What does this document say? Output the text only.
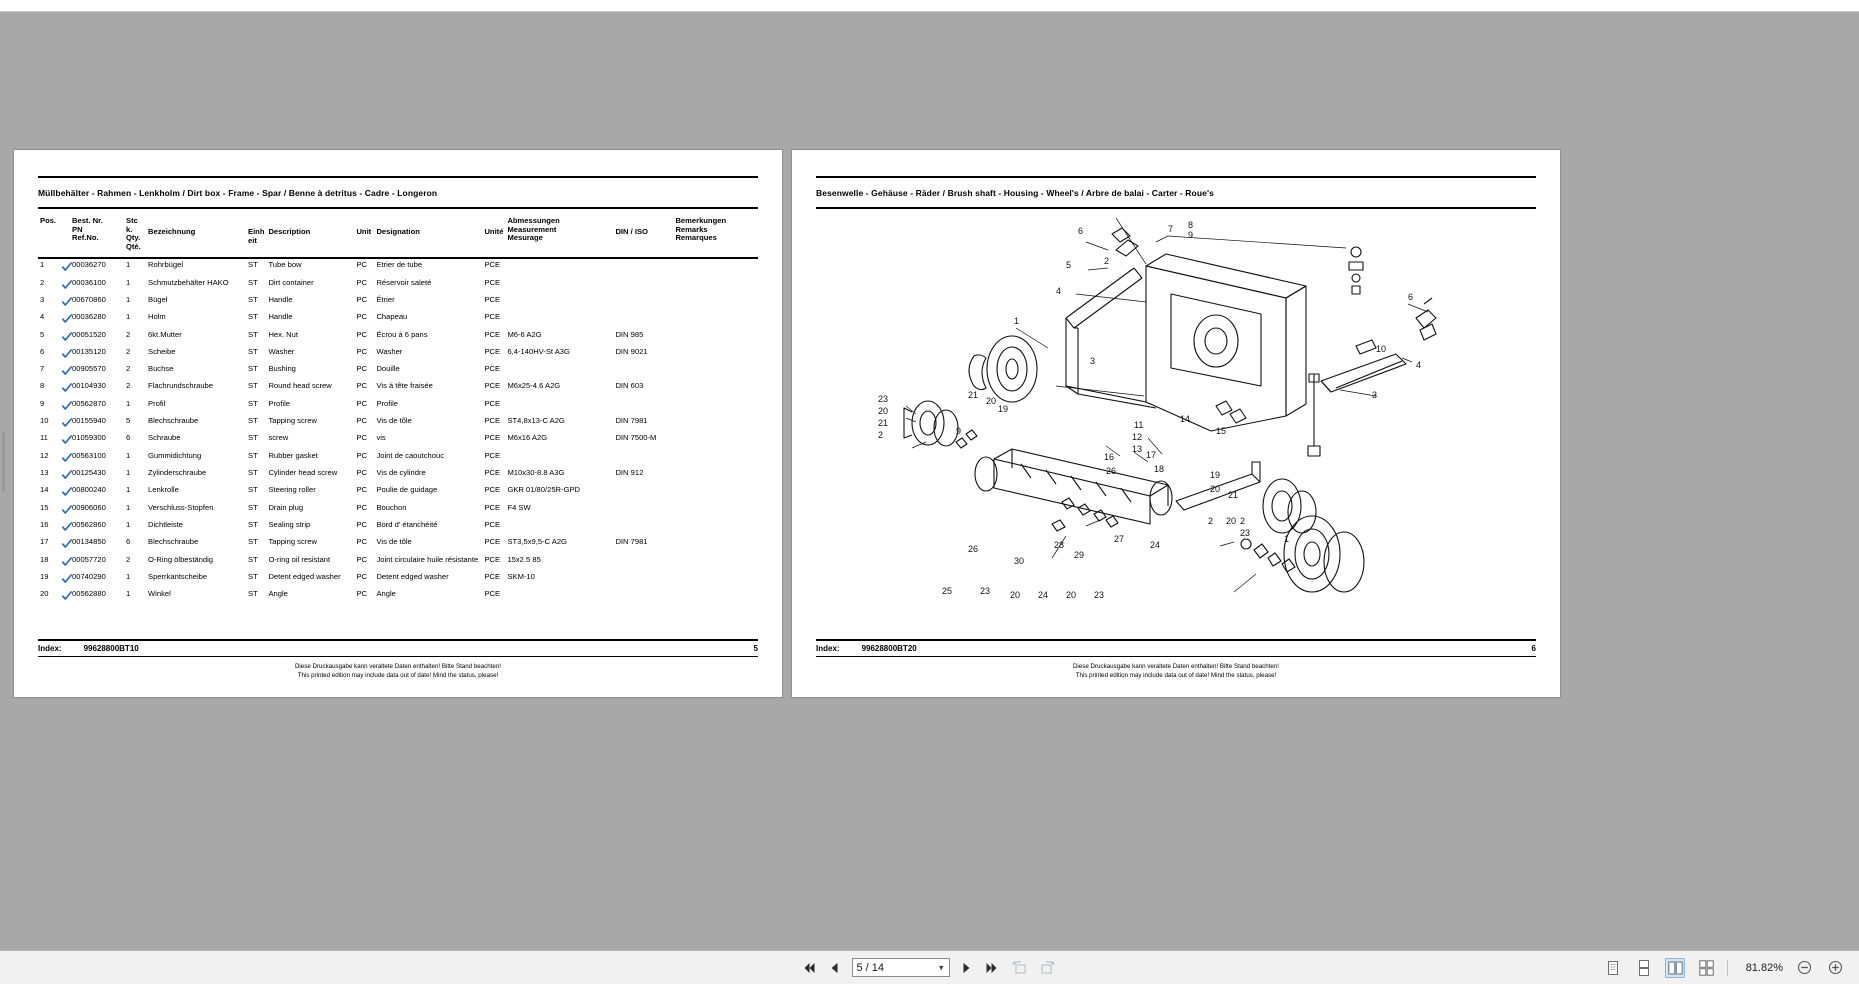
Müllbehälter - Rahmen - Lenkholm / Dirt box - Frame - Spar / Benne à detritus - Cadre - Longeron
Pos.		Best. Nr.
PN
Ref.No.	Stc
k.
Qty.
Qté.	Bezeichnung	Einh
eit	Description	Unit	Designation	Unité	Abmessungen
Measurement
Mesurage	DIN / ISO	Bemerkungen
Remarks
Remarques
1		00036270	1	Rohrbügel	ST	Tube bow	PC	Etrier de tube	PCE			
2		00036100	1	Schmutzbehälter HAKO	ST	Dirt container	PC	Réservoir saleté	PCE			
3		00670860	1	Bügel	ST	Handle	PC	Étrier	PCE			
4		00036280	1	Holm	ST	Handle	PC	Chapeau	PCE			
5		00051520	2	6kt.Mutter	ST	Hex. Nut	PC	Écrou à 6 pans	PCE	M6-6 A2G	DIN 985	
6		00135120	2	Scheibe	ST	Washer	PC	Washer	PCE	6,4-140HV-St A3G	DIN 9021	
7		00905570	2	Buchse	ST	Bushing	PC	Douille	PCE			
8		00104930	2	Flachrundschraube	ST	Round head screw	PC	Vis à tête fraisée	PCE	M6x25-4.6 A2G	DIN 603	
9		00562870	1	Profil	ST	Profile	PC	Profile	PCE			
10		00155940	5	Blechschraube	ST	Tapping screw	PC	Vis de tôle	PCE	ST4,8x13-C A2G	DIN 7981	
11		01059300	6	Schraube	ST	screw	PC	vis	PCE	M6x16 A2G	DIN 7500-M	
12		00563100	1	Gummidichtung	ST	Rubber gasket	PC	Joint de caoutchouc	PCE			
13		00125430	1	Zylinderschraube	ST	Cylinder head screw	PC	Vis de cylindre	PCE	M10x30-8.8 A3G	DIN 912	
14		00800240	1	Lenkrolle	ST	Steering roller	PC	Poulie de guidage	PCE	GKR 01/80/25R-GPD		
15		00906060	1	Verschluss-Stopfen	ST	Drain plug	PC	Bouchon	PCE	F4 SW		
16		00562860	1	Dichtleiste	ST	Sealing strip	PC	Bord d' étanchéité	PCE			
17		00134850	6	Blechschraube	ST	Tapping screw	PC	Vis de tôle	PCE	ST3,5x9,5-C A2G	DIN 7981	
18		00057720	2	O-Ring ölbeständig	ST	O-ring oil resistant	PC	Joint circulaire huile résistante	PCE	15x2.5 85		
19		00740290	1	Sperrkantscheibe	ST	Detent edged washer	PC	Detent edged washer	PCE	SKM-10		
20		00562880	1	Winkel	ST	Angle	PC	Angle	PCE			
Index:	99628800BT10	5
Diese Druckausgabe kann veraltete Daten enthalten! Bitte Stand beachten!
This printed edition may include data out of date! Mind the status, please!
Besenwelle - Gehäuse - Räder / Brush shaft - Housing - Wheel's / Arbre de balai - Carter - Roue's
6	7 8
9
5	2
4
1
3
6
4
10
3
23
20
21
2
21
20
19
9
11
12
13
14
15
16	17
26	18
19
20
21
2 20 2
23
1
26
30
29
28
27
24
25	23 20 24 20 23
Index:	99628800BT20	6
Diese Druckausgabe kann veraltete Daten enthalten! Bitte Stand beachten!
This printed edition may include data out of date! Mind the status, please!
5 / 14	▾	81.82%
